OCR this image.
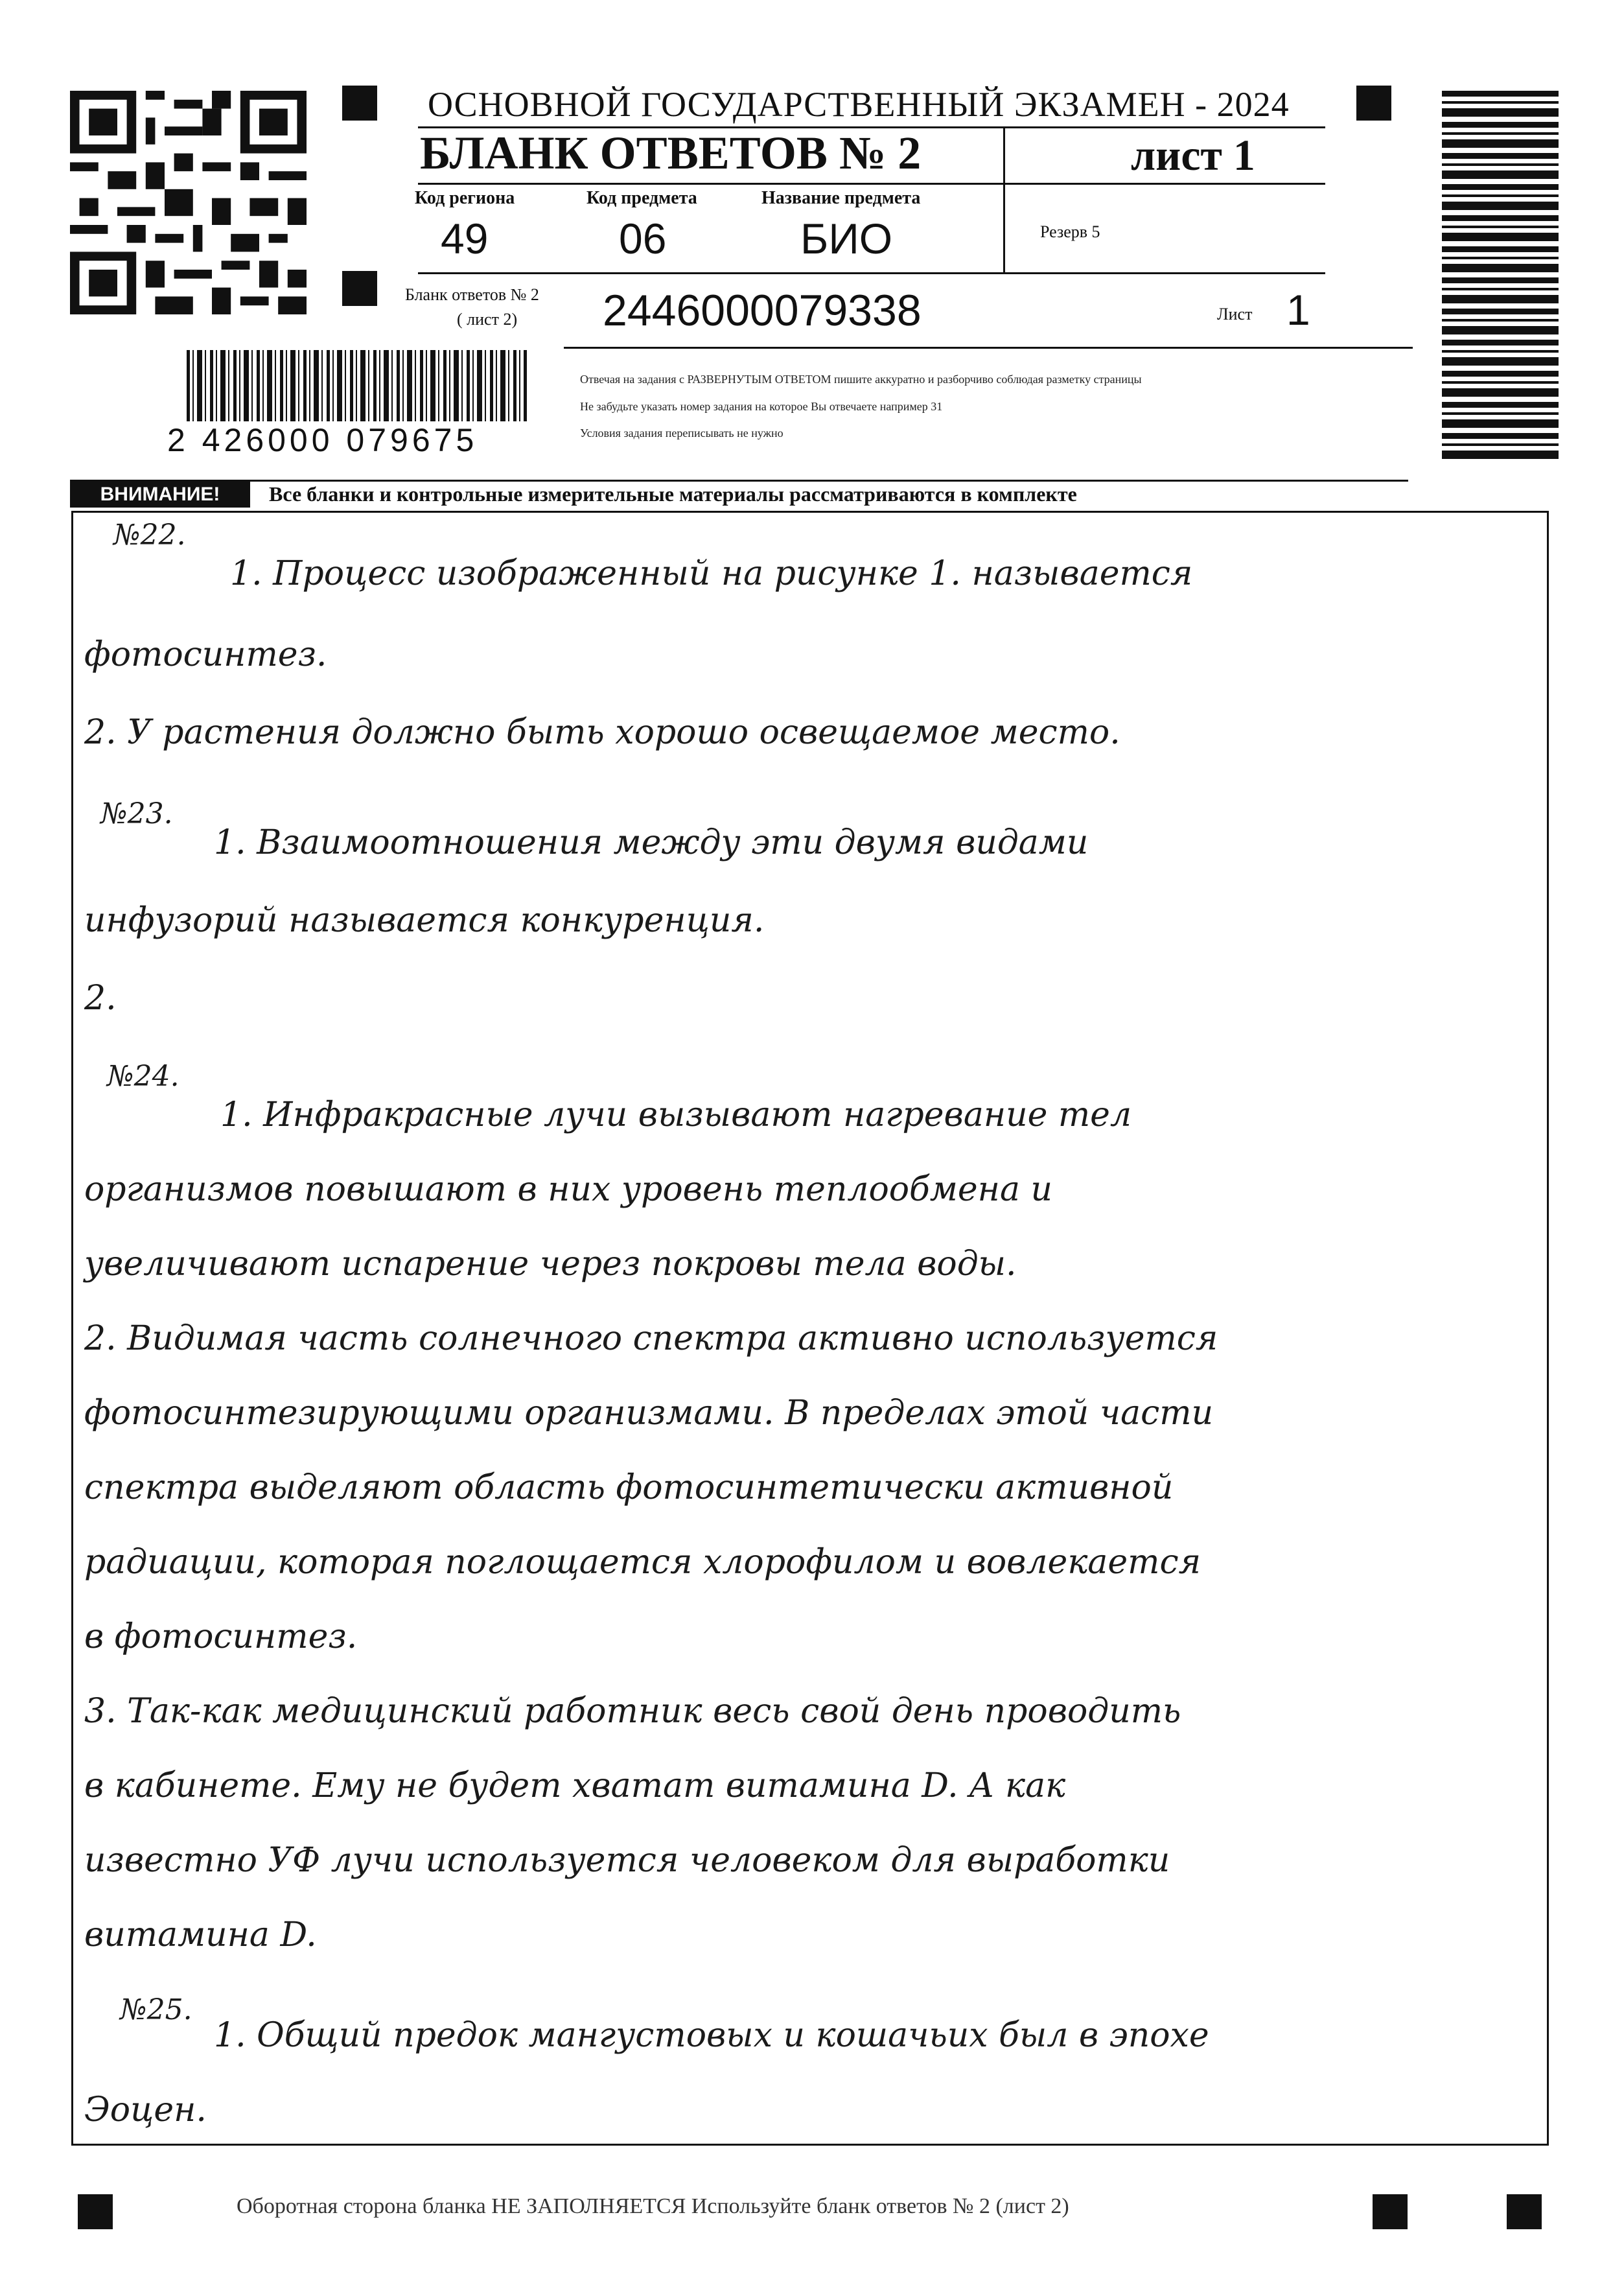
ОСНОВНОЙ ГОСУДАРСТВЕННЫЙ ЭКЗАМЕН - 2024
БЛАНК ОТВЕТОВ № 2	лист 1
Код региона
49
Код предмета
06
Название предмета
БИО	Резерв 5
Бланк ответов № 2
( лист 2) 2446000079338	Лист 1
Отвечая на задания с РАЗВЕРНУТЫМ ОТВЕТОМ пишите аккуратно и разборчиво соблюдая разметку страницы
Не забудьте указать номер задания на которое Вы отвечаете например 31
Условия задания переписывать не нужно
2 426000 079675
ВНИМАНИЕ!	Все бланки и контрольные измерительные материалы рассматриваются в комплекте
№22.
1. Процесс изображенный на рисунке 1. называется
фотосинтез.
2. У растения должно быть хорошо освещаемое место.
№23.
1. Взаимоотношения между эти двумя видами
инфузорий называется конкуренция.
2.
№24.
1. Инфракрасные лучи вызывают нагревание тел
организмов повышают в них уровень теплообмена и
увеличивают испарение через покровы тела воды.
2. Видимая часть солнечного спектра активно используется
фотосинтезирующими организмами. В пределах этой части
спектра выделяют область фотосинтетически активной
радиации, которая поглощается хлорофилом и вовлекается
в фотосинтез.
3. Так-как медицинский работник весь свой день проводить
в кабинете. Ему не будет хватат витамина D. А как
известно УФ лучи используется человеком для выработки
витамина D.
№25.
1. Общий предок мангустовых и кошачьих был в эпохе
Эоцен.
Оборотная сторона бланка НЕ ЗАПОЛНЯЕТСЯ Используйте бланк ответов № 2 (лист 2)
